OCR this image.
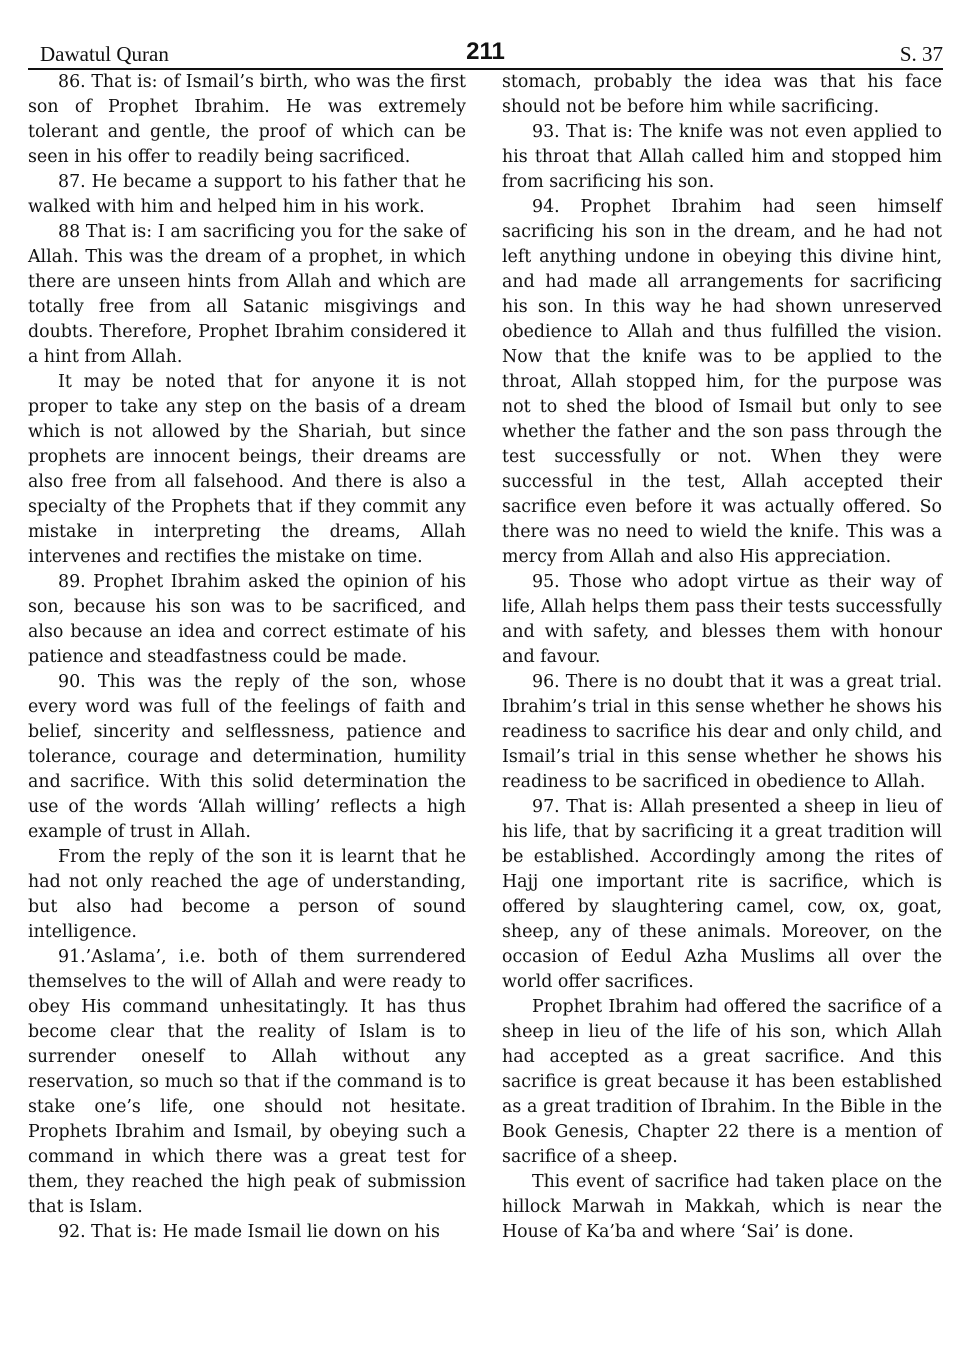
Dawatul Quran	211	S. 37

86. That is: of Ismail’s birth, who was the first son of Prophet Ibrahim. He was extremely tolerant and gentle, the proof of which can be seen in his offer to readily being sacrificed.

87. He became a support to his father that he walked with him and helped him in his work.

88 That is: I am sacrificing you for the sake of Allah. This was the dream of a prophet, in which there are unseen hints from Allah and which are totally free from all Satanic misgivings and doubts. Therefore, Prophet Ibrahim considered it a hint from Allah.

It may be noted that for anyone it is not proper to take any step on the basis of a dream which is not allowed by the Shariah, but since prophets are innocent beings, their dreams are also free from all falsehood. And there is also a specialty of the Prophets that if they commit any mistake in interpreting the dreams, Allah intervenes and rectifies the mistake on time.

89. Prophet Ibrahim asked the opinion of his son, because his son was to be sacrificed, and also because an idea and correct estimate of his patience and steadfastness could be made.

90. This was the reply of the son, whose every word was full of the feelings of faith and belief, sincerity and selflessness, patience and tolerance, courage and determination, humility and sacrifice. With this solid determination the use of the words ‘Allah willing’ reflects a high example of trust in Allah.

From the reply of the son it is learnt that he had not only reached the age of understanding, but also had become a person of sound intelligence.

91.’Aslama’, i.e. both of them surrendered themselves to the will of Allah and were ready to obey His command unhesitatingly. It has thus become clear that the reality of Islam is to surrender oneself to Allah without any reservation, so much so that if the command is to stake one’s life, one should not hesitate. Prophets Ibrahim and Ismail, by obeying such a command in which there was a great test for them, they reached the high peak of submission that is Islam.

92. That is: He made Ismail lie down on his

stomach, probably the idea was that his face should not be before him while sacrificing.

93. That is: The knife was not even applied to his throat that Allah called him and stopped him from sacrificing his son.

94. Prophet Ibrahim had seen himself sacrificing his son in the dream, and he had not left anything undone in obeying this divine hint, and had made all arrangements for sacrificing his son. In this way he had shown unreserved obedience to Allah and thus fulfilled the vision. Now that the knife was to be applied to the throat, Allah stopped him, for the purpose was not to shed the blood of Ismail but only to see whether the father and the son pass through the test successfully or not. When they were successful in the test, Allah accepted their sacrifice even before it was actually offered. So there was no need to wield the knife. This was a mercy from Allah and also His appreciation.

95. Those who adopt virtue as their way of life, Allah helps them pass their tests successfully and with safety, and blesses them with honour and favour.

96. There is no doubt that it was a great trial. Ibrahim’s trial in this sense whether he shows his readiness to sacrifice his dear and only child, and Ismail’s trial in this sense whether he shows his readiness to be sacrificed in obedience to Allah.

97. That is: Allah presented a sheep in lieu of his life, that by sacrificing it a great tradition will be established. Accordingly among the rites of Hajj one important rite is sacrifice, which is offered by slaughtering camel, cow, ox, goat, sheep, any of these animals. Moreover, on the occasion of Eedul Azha Muslims all over the world offer sacrifices.

Prophet Ibrahim had offered the sacrifice of a sheep in lieu of the life of his son, which Allah had accepted as a great sacrifice. And this sacrifice is great because it has been established as a great tradition of Ibrahim. In the Bible in the Book Genesis, Chapter 22 there is a mention of sacrifice of a sheep.

This event of sacrifice had taken place on the hillock Marwah in Makkah, which is near the House of Ka’ba and where ‘Sai’ is done.
